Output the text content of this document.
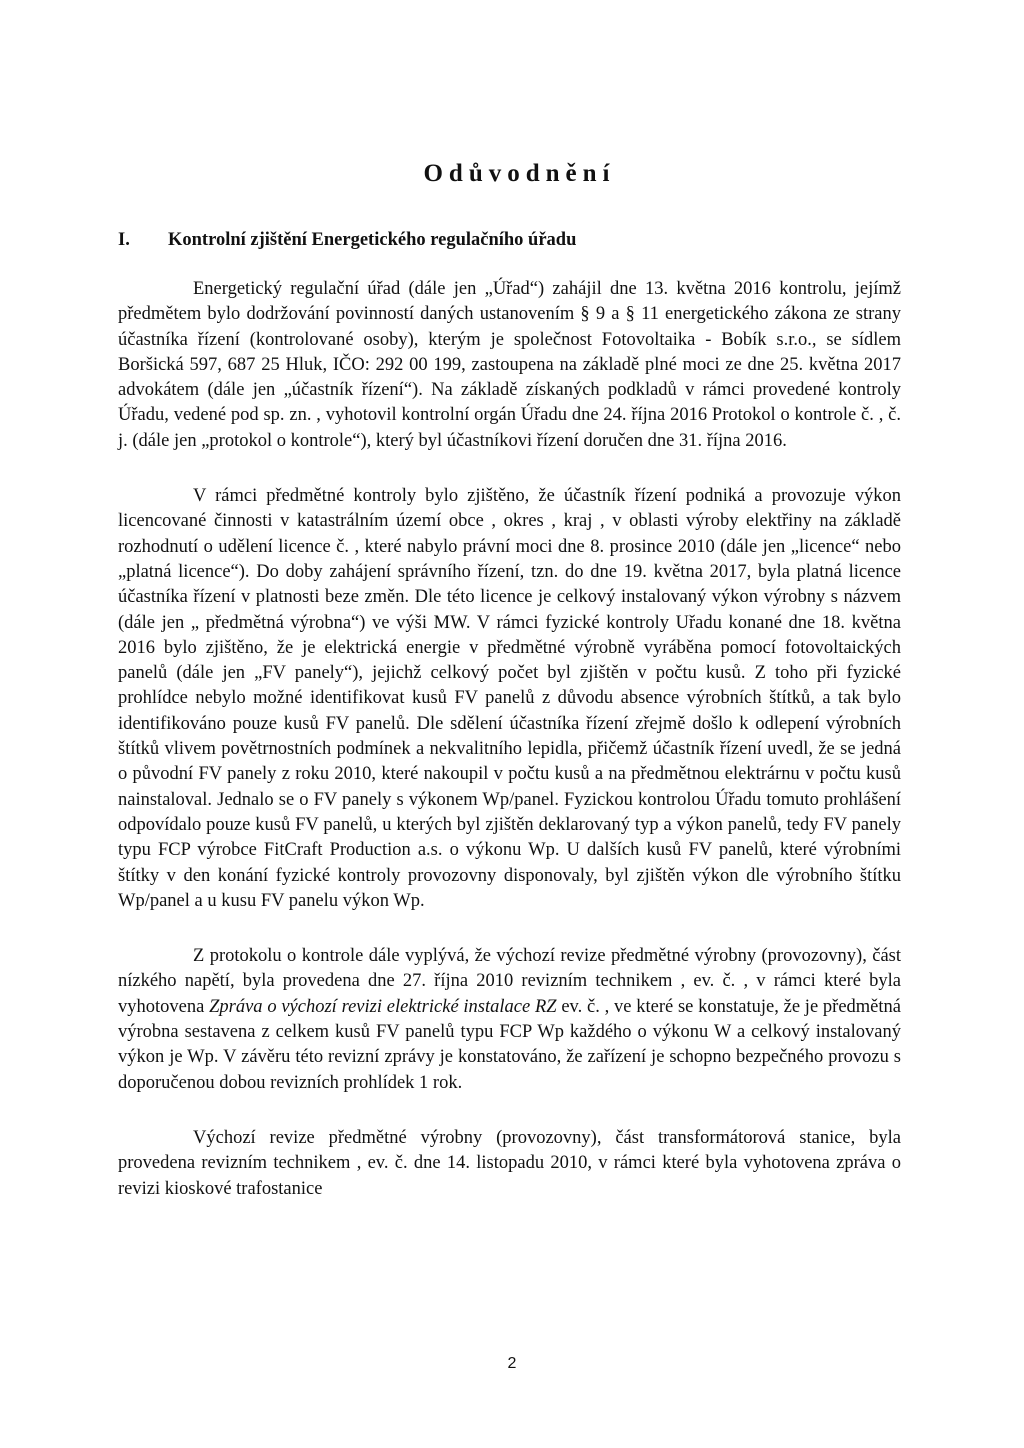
Odůvodnění
I.	Kontrolní zjištění Energetického regulačního úřadu

Energetický regulační úřad (dále jen „Úřad“) zahájil dne 13. května 2016 kontrolu, jejímž předmětem bylo dodržování povinností daných ustanovením § 9 a § 11 energetického zákona ze strany účastníka řízení (kontrolované osoby), kterým je společnost Fotovoltaika - Bobík s.r.o., se sídlem Boršická 597, 687 25 Hluk, IČO: 292 00 199, zastoupena na základě plné moci ze dne 25. května 2017 advokátem (dále jen „účastník řízení“). Na základě získaných podkladů v rámci provedené kontroly Úřadu, vedené pod sp. zn. , vyhotovil kontrolní orgán Úřadu dne 24. října 2016 Protokol o kontrole č. , č. j. (dále jen „protokol o kontrole“), který byl účastníkovi řízení doručen dne 31. října 2016.

V rámci předmětné kontroly bylo zjištěno, že účastník řízení podniká a provozuje výkon licencované činnosti v katastrálním území obce , okres , kraj , v oblasti výroby elektřiny na základě rozhodnutí o udělení licence č. , které nabylo právní moci dne 8. prosince 2010 (dále jen „licence“ nebo „platná licence“). Do doby zahájení správního řízení, tzn. do dne 19. května 2017, byla platná licence účastníka řízení v platnosti beze změn. Dle této licence je celkový instalovaný výkon výrobny s názvem (dále jen „ předmětná výrobna“) ve výši MW. V rámci fyzické kontroly Uřadu konané dne 18. května 2016 bylo zjištěno, že je elektrická energie v předmětné výrobně vyráběna pomocí fotovoltaických panelů (dále jen „FV panely“), jejichž celkový počet byl zjištěn v počtu kusů. Z toho při fyzické prohlídce nebylo možné identifikovat kusů FV panelů z důvodu absence výrobních štítků, a tak bylo identifikováno pouze kusů FV panelů. Dle sdělení účastníka řízení zřejmě došlo k odlepení výrobních štítků vlivem povětrnostních podmínek a nekvalitního lepidla, přičemž účastník řízení uvedl, že se jedná o původní FV panely z roku 2010, které nakoupil v počtu kusů a na předmětnou elektrárnu v počtu kusů nainstaloval. Jednalo se o FV panely s výkonem Wp/panel. Fyzickou kontrolou Úřadu tomuto prohlášení odpovídalo pouze kusů FV panelů, u kterých byl zjištěn deklarovaný typ a výkon panelů, tedy FV panely typu FCP výrobce FitCraft Production a.s. o výkonu Wp. U dalších kusů FV panelů, které výrobními štítky v den konání fyzické kontroly provozovny disponovaly, byl zjištěn výkon dle výrobního štítku Wp/panel a u kusu FV panelu výkon Wp.

Z protokolu o kontrole dále vyplývá, že výchozí revize předmětné výrobny (provozovny), část nízkého napětí, byla provedena dne 27. října 2010 revizním technikem , ev. č. , v rámci které byla vyhotovena Zpráva o výchozí revizi elektrické instalace RZ ev. č. , ve které se konstatuje, že je předmětná výrobna sestavena z celkem kusů FV panelů typu FCP Wp každého o výkonu W a celkový instalovaný výkon je Wp. V závěru této revizní zprávy je konstatováno, že zařízení je schopno bezpečného provozu s doporučenou dobou revizních prohlídek 1 rok.

Výchozí revize předmětné výrobny (provozovny), část transformátorová stanice, byla provedena revizním technikem , ev. č. dne 14. listopadu 2010, v rámci které byla vyhotovena zpráva o revizi kioskové trafostanice

2
